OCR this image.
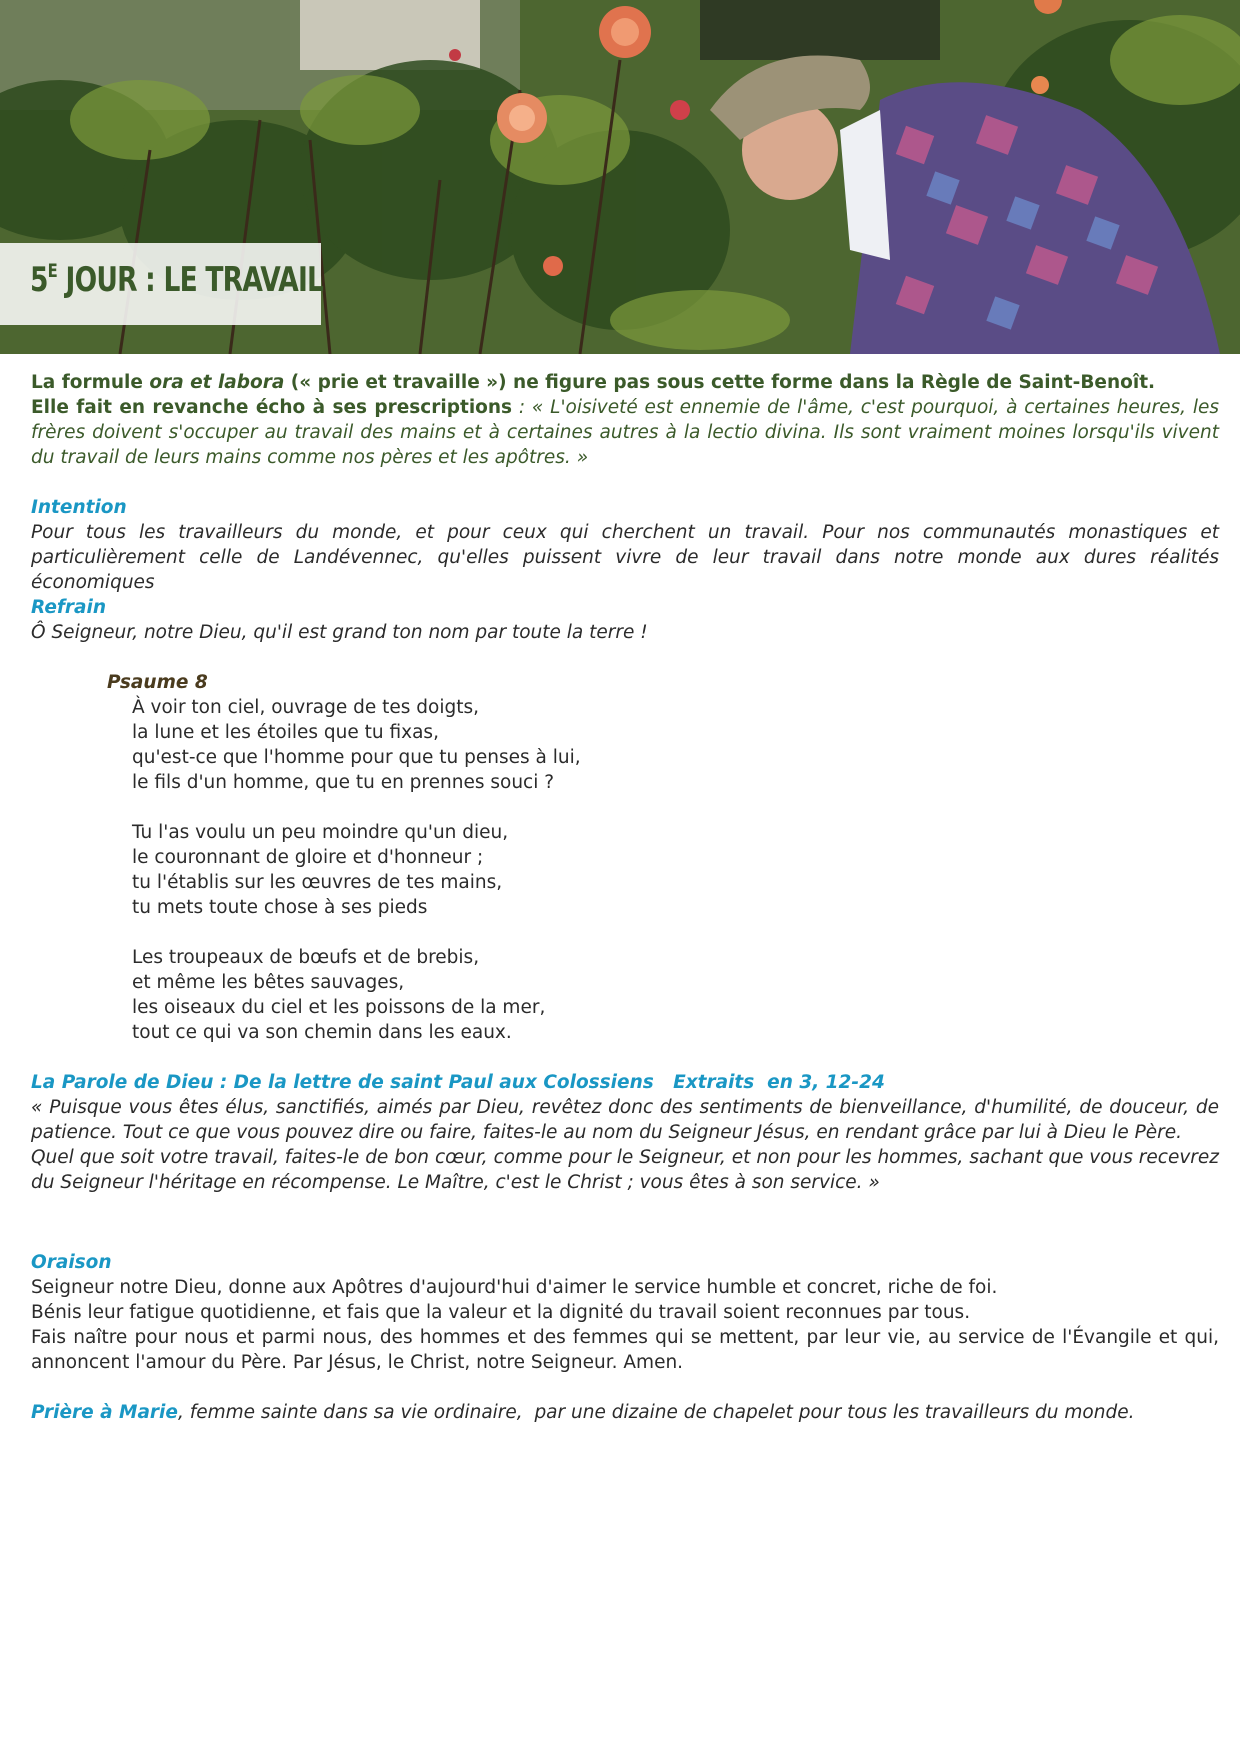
$5^E$ JOUR : LE TRAVAIL

La formule ora et labora (« prie et travaille ») ne figure pas sous cette forme dans la Règle de Saint-Benoît.

Elle fait en revanche écho à ses prescriptions : « L'oisiveté est ennemie de l'âme, c'est pourquoi, à certaines heures, les frères doivent s'occuper au travail des mains et à certaines autres à la lectio divina. Ils sont vraiment moines lorsqu'ils vivent du travail de leurs mains comme nos pères et les apôtres. »

Intention

Pour tous les travailleurs du monde, et pour ceux qui cherchent un travail. Pour nos communautés monastiques et particulièrement celle de Landévennec, qu'elles puissent vivre de leur travail dans notre monde aux dures réalités économiques

Refrain

Ô Seigneur, notre Dieu, qu'il est grand ton nom par toute la terre !

Psaume 8

À voir ton ciel, ouvrage de tes doigts,

la lune et les étoiles que tu fixas,

qu'est-ce que l'homme pour que tu penses à lui,

le fils d'un homme, que tu en prennes souci ?

Tu l'as voulu un peu moindre qu'un dieu,

le couronnant de gloire et d'honneur ;

tu l'établis sur les œuvres de tes mains,

tu mets toute chose à ses pieds

Les troupeaux de bœufs et de brebis,

et même les bêtes sauvages,

les oiseaux du ciel et les poissons de la mer,

tout ce qui va son chemin dans les eaux.

La Parole de Dieu : De la lettre de saint Paul aux Colossiens   Extraits  en 3, 12-24

« Puisque vous êtes élus, sanctifiés, aimés par Dieu, revêtez donc des sentiments de bienveillance, d'humilité, de douceur, de patience. Tout ce que vous pouvez dire ou faire, faites-le au nom du Seigneur Jésus, en rendant grâce par lui à Dieu le Père.

Quel que soit votre travail, faites-le de bon cœur, comme pour le Seigneur, et non pour les hommes, sachant que vous recevrez du Seigneur l'héritage en récompense. Le Maître, c'est le Christ ; vous êtes à son service. »

Oraison

Seigneur notre Dieu, donne aux Apôtres d'aujourd'hui d'aimer le service humble et concret, riche de foi.

Bénis leur fatigue quotidienne, et fais que la valeur et la dignité du travail soient reconnues par tous.

Fais naître pour nous et parmi nous, des hommes et des femmes qui se mettent, par leur vie, au service de l'Évangile et qui, annoncent l'amour du Père. Par Jésus, le Christ, notre Seigneur. Amen.

Prière à Marie, femme sainte dans sa vie ordinaire,  par une dizaine de chapelet pour tous les travailleurs du monde.
